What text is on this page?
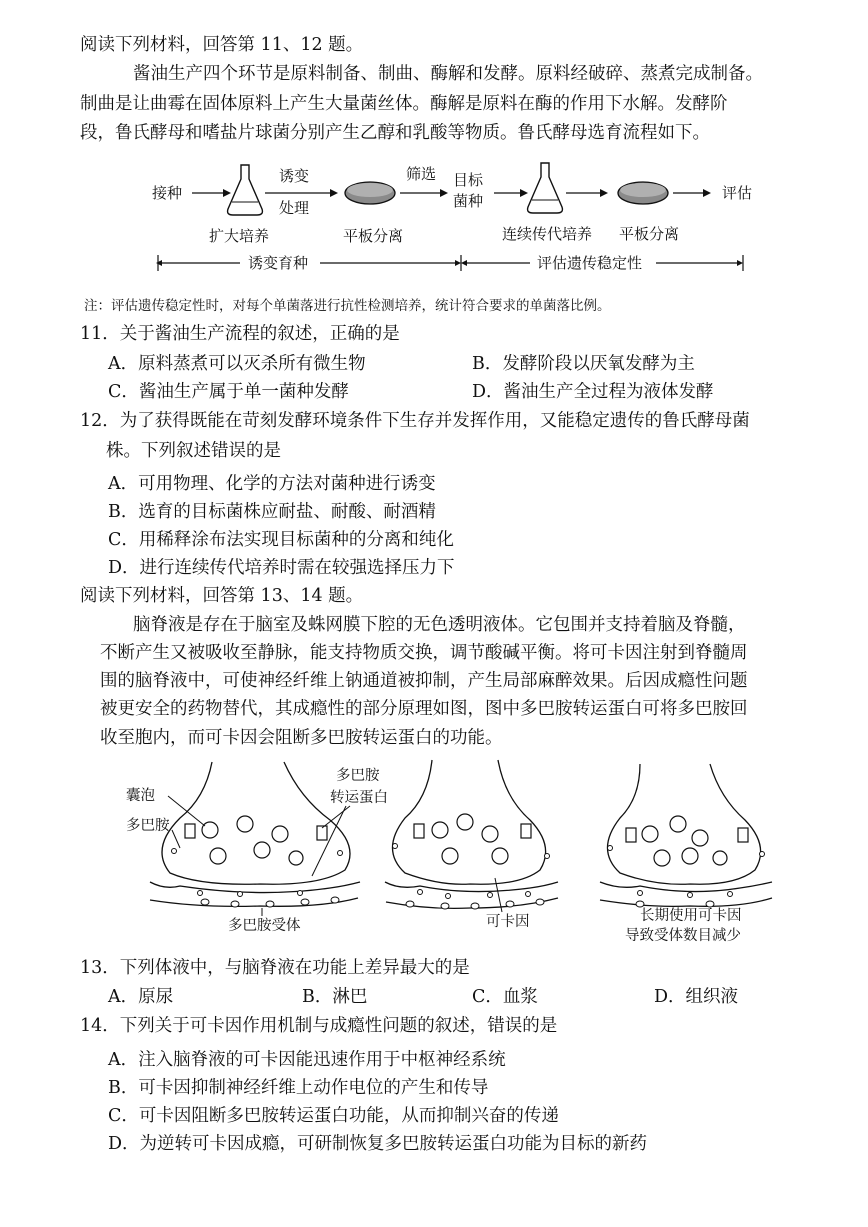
阅读下列材料，回答第 11、12 题。
酱油生产四个环节是原料制备、制曲、酶解和发酵。原料经破碎、蒸煮完成制备。
制曲是让曲霉在固体原料上产生大量菌丝体。酶解是原料在酶的作用下水解。发酵阶
段，鲁氏酵母和嗜盐片球菌分别产生乙醇和乳酸等物质。鲁氏酵母选育流程如下。
接种
诱变
处理
筛选 目标
菌种	评估
扩大培养	平板分离	连续传代培养 平板分离
诱变育种	评估遗传稳定性
注：评估遗传稳定性时，对每个单菌落进行抗性检测培养，统计符合要求的单菌落比例。
11．关于酱油生产流程的叙述，正确的是
A．原料蒸煮可以灭杀所有微生物	B．发酵阶段以厌氧发酵为主
C．酱油生产属于单一菌种发酵	D．酱油生产全过程为液体发酵
12．为了获得既能在苛刻发酵环境条件下生存并发挥作用，又能稳定遗传的鲁氏酵母菌
株。下列叙述错误的是
A．可用物理、化学的方法对菌种进行诱变
B．选育的目标菌株应耐盐、耐酸、耐酒精
C．用稀释涂布法实现目标菌种的分离和纯化
D．进行连续传代培养时需在较强选择压力下
阅读下列材料，回答第 13、14 题。
脑脊液是存在于脑室及蛛网膜下腔的无色透明液体。它包围并支持着脑及脊髓，
不断产生又被吸收至静脉，能支持物质交换，调节酸碱平衡。将可卡因注射到脊髓周
围的脑脊液中，可使神经纤维上钠通道被抑制，产生局部麻醉效果。后因成瘾性问题
被更安全的药物替代，其成瘾性的部分原理如图，图中多巴胺转运蛋白可将多巴胺回
收至胞内，而可卡因会阻断多巴胺转运蛋白的功能。
囊泡
多巴胺
多巴胺
转运蛋白
多巴胺受体	可卡因	长期使用可卡因
导致受体数目减少
13．下列体液中，与脑脊液在功能上差异最大的是
A．原尿	B．淋巴	C．血浆	D．组织液
14．下列关于可卡因作用机制与成瘾性问题的叙述，错误的是
A．注入脑脊液的可卡因能迅速作用于中枢神经系统
B．可卡因抑制神经纤维上动作电位的产生和传导
C．可卡因阻断多巴胺转运蛋白功能，从而抑制兴奋的传递
D．为逆转可卡因成瘾，可研制恢复多巴胺转运蛋白功能为目标的新药
